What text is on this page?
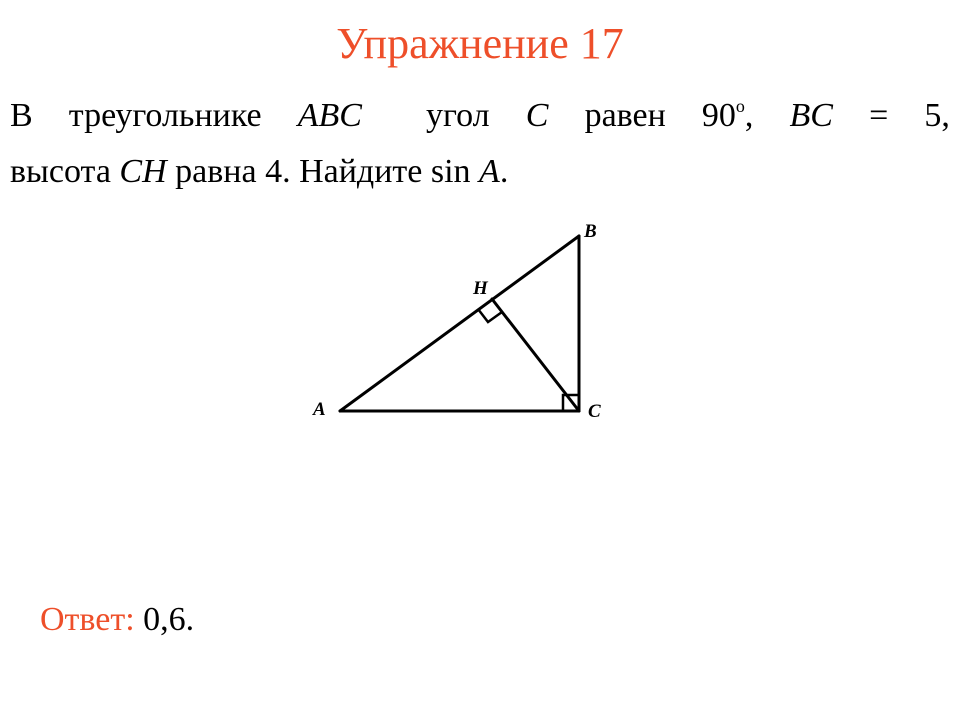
Упражнение 17
В треугольнике ABC угол C равен 90$^o$, BC = 5,
высота CH равна 4. Найдите sin A.
A
B
C
H
Ответ: 0,6.
